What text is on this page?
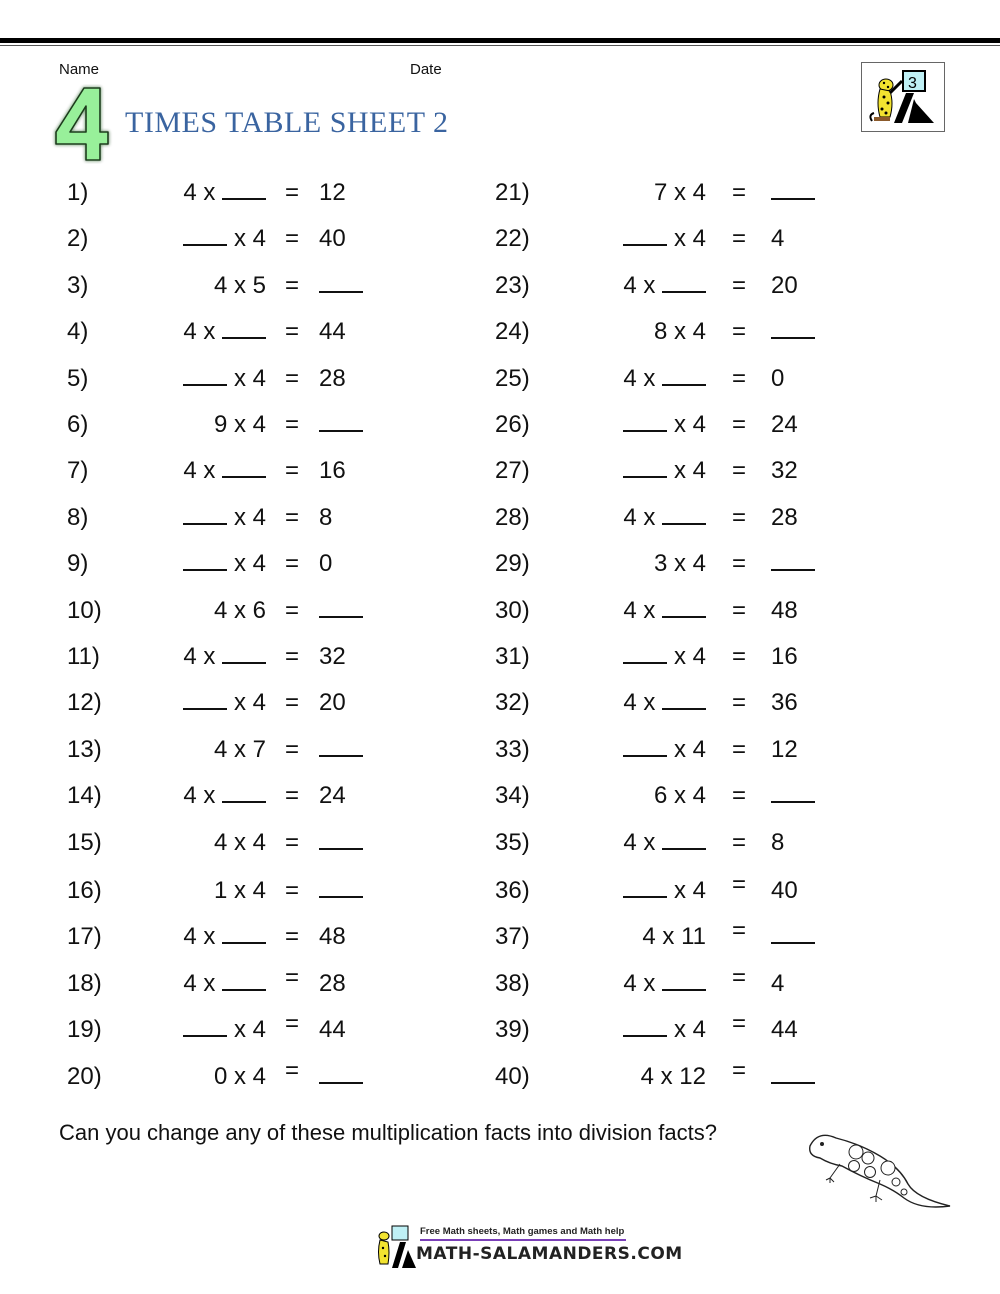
Name	Date
TIMES TABLE SHEET 2
3
1)	4 x	= 12
2)	x 4 = 40
3)	4 x 5 =
4)	4 x	= 44
5)	x 4 = 28
6)	9 x 4 =
7)	4 x	= 16
8)	x 4 = 8
9)	x 4 = 0
10)	4 x 6 =
11)	4 x	= 32
12)	x 4 = 20
13)	4 x 7 =
14)	4 x	= 24
15)	4 x 4 =
16)	1 x 4 =
17)	4 x	= 48
18)	4 x	= 28
19)	x 4 = 44
20)	0 x 4 =
21)	7 x 4 =
22)	x 4 = 4
23)	4 x	= 20
24)	8 x 4 =
25)	4 x	= 0
26)	x 4 = 24
27)	x 4 = 32
28)	4 x	= 28
29)	3 x 4 =
30)	4 x	= 48
31)	x 4 = 16
32)	4 x	= 36
33)	x 4 = 12
34)	6 x 4 =
35)	4 x	= 8
36)	x 4 = 40
37)	4 x 11 =
38)	4 x	= 4
39)	x 4 = 44
40)	4 x 12 =
Can you change any of these multiplication facts into division facts?
Free Math sheets, Math games and Math help
MATH-SALAMANDERS.COM
